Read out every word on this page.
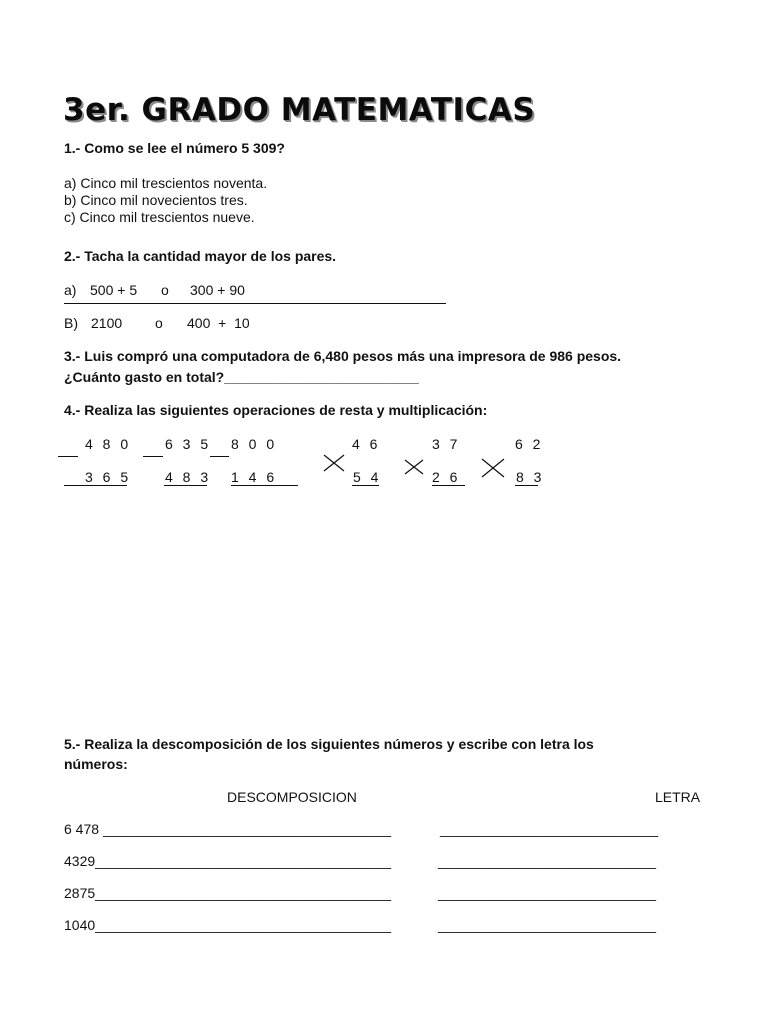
3er. GRADO MATEMATICAS
1.- Como se lee el número 5 309?
a) Cinco mil trescientos noventa.
b) Cinco mil novecientos tres.
c) Cinco mil trescientos nueve.
2.- Tacha la cantidad mayor de los pares.
a) 500 + 5 o 300 + 90
B) 2100 o 400  +  10
3.- Luis compró una computadora de 6,480 pesos más una impresora de 986 pesos.
¿Cuánto gasto en total?_________________________
4.- Realiza las siguientes operaciones de resta y multiplicación:
4 8 0
3 6 5
6 3 5
4 8 3
8 0 0
1 4 6
4 6
5 4
3 7
2 6
6 2
8 3
5.- Realiza la descomposición de los siguientes números y escribe con letra los
números:
DESCOMPOSICION	LETRA
6 478 _____________________________________	____________________________
4329______________________________________	____________________________
2875______________________________________	____________________________
1040______________________________________	____________________________
